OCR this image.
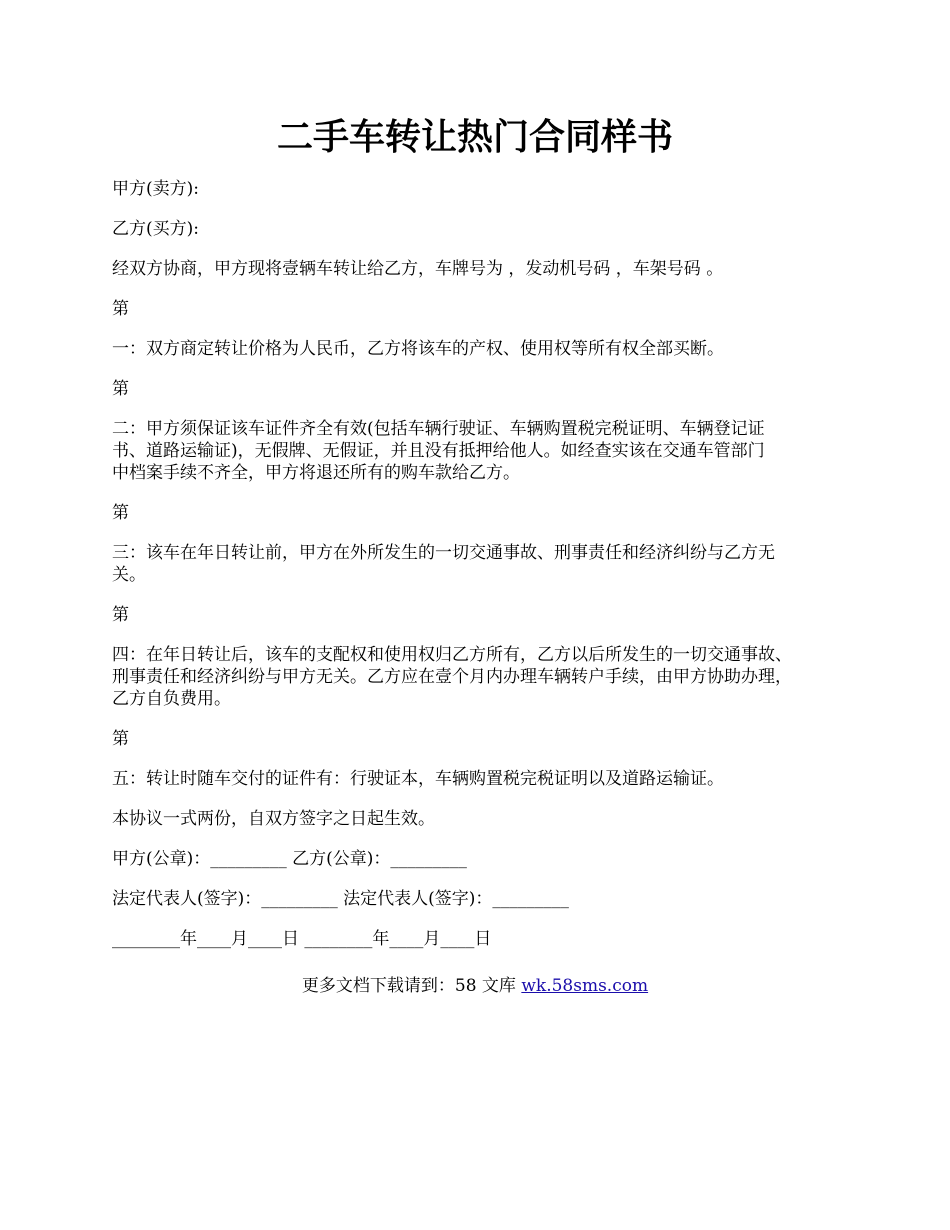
二手车转让热门合同样书

甲方(卖方):

乙方(买方):

经双方协商，甲方现将壹辆车转让给乙方，车牌号为 ，发动机号码 ，车架号码 。

第

一：双方商定转让价格为人民币，乙方将该车的产权、使用权等所有权全部买断。

第

二：甲方须保证该车证件齐全有效(包括车辆行驶证、车辆购置税完税证明、车辆登记证
书、道路运输证)，无假牌、无假证，并且没有抵押给他人。如经查实该在交通车管部门
中档案手续不齐全，甲方将退还所有的购车款给乙方。

第

三：该车在年日转让前，甲方在外所发生的一切交通事故、刑事责任和经济纠纷与乙方无
关。

第

四：在年日转让后，该车的支配权和使用权归乙方所有，乙方以后所发生的一切交通事故、
刑事责任和经济纠纷与甲方无关。乙方应在壹个月内办理车辆转户手续，由甲方协助办理，
乙方自负费用。

第

五：转让时随车交付的证件有：行驶证本，车辆购置税完税证明以及道路运输证。

本协议一式两份，自双方签字之日起生效。

甲方(公章)：_________ 乙方(公章)：_________

法定代表人(签字)：_________ 法定代表人(签字)：_________

________年____月____日 ________年____月____日

更多文档下载请到：58 文库 wk.58sms.com
